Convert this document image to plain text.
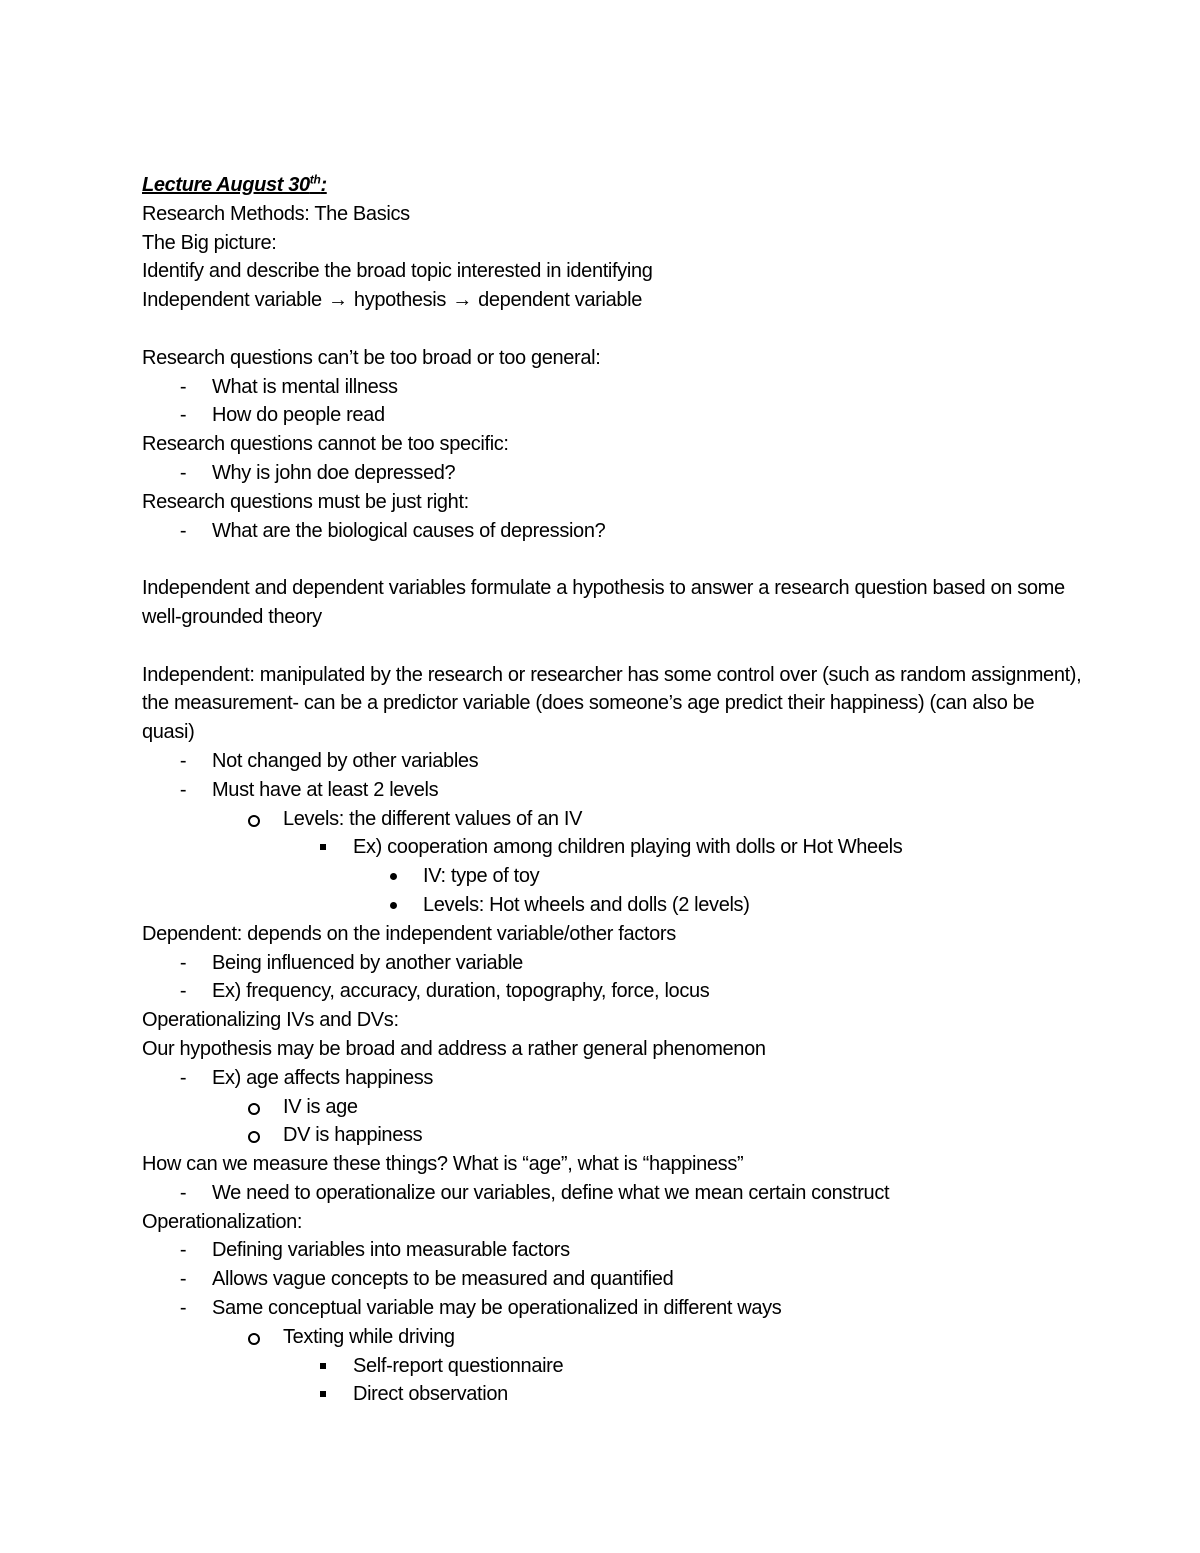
Lecture August 30th:
Research Methods: The Basics
The Big picture:
Identify and describe the broad topic interested in identifying
Independent variable → hypothesis → dependent variable
Research questions can’t be too broad or too general:
-
What is mental illness
-
How do people read
Research questions cannot be too specific:
-
Why is john doe depressed?
Research questions must be just right:
-
What are the biological causes of depression?
Independent and dependent variables formulate a hypothesis to answer a research question based on some well-grounded theory
Independent: manipulated by the research or researcher has some control over (such as random assignment), the measurement- can be a predictor variable (does someone’s age predict their happiness) (can also be quasi)
-
Not changed by other variables
-
Must have at least 2 levels
Levels: the different values of an IV
Ex) cooperation among children playing with dolls or Hot Wheels
IV: type of toy
Levels: Hot wheels and dolls (2 levels)
Dependent: depends on the independent variable/other factors
-
Being influenced by another variable
-
Ex) frequency, accuracy, duration, topography, force, locus
Operationalizing IVs and DVs:
Our hypothesis may be broad and address a rather general phenomenon
-
Ex) age affects happiness
IV is age
DV is happiness
How can we measure these things? What is “age”, what is “happiness”
-
We need to operationalize our variables, define what we mean certain construct
Operationalization:
-
Defining variables into measurable factors
-
Allows vague concepts to be measured and quantified
-
Same conceptual variable may be operationalized in different ways
Texting while driving
Self-report questionnaire
Direct observation
